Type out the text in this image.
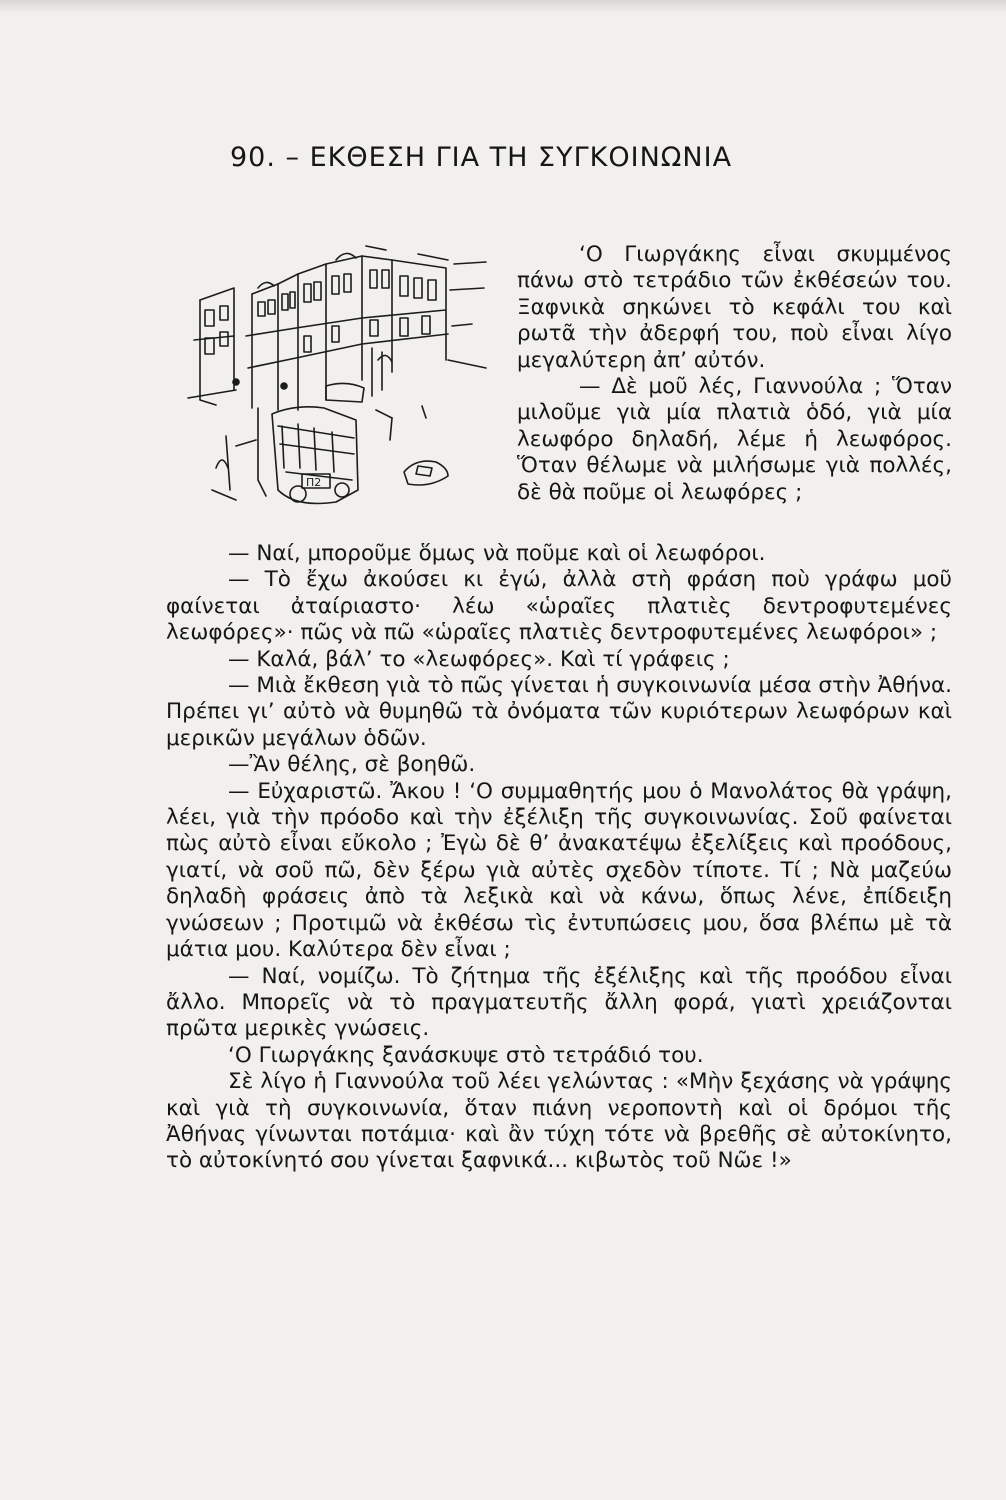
90. – ΕΚΘΕΣΗ ΓΙΑ ΤΗ ΣΥΓΚΟΙΝΩΝΙΑ
Π2

‘Ο Γιωργάκης εἶναι σκυμμένος πάνω στὸ τετράδιο τῶν ἐκθέσεών του. Ξαφνικὰ σηκώνει τὸ κεφάλι του καὶ ρωτᾶ τὴν ἀδερφή του, ποὺ εἶναι λίγο μεγαλύτερη ἀπ’ αὐτόν.

— Δὲ μοῦ λές, Γιαννούλα ; Ὅταν μιλοῦμε γιὰ μία πλατιὰ ὁδό, γιὰ μία λεωφόρο δηλαδή, λέμε ἡ λεωφόρος. Ὅταν θέλωμε νὰ μιλήσωμε γιὰ πολλές, δὲ θὰ ποῦμε οἱ λεωφόρες ;

— Ναί, μποροῦμε ὅμως νὰ ποῦμε καὶ οἱ λεωφόροι.

— Τὸ ἔχω ἀκούσει κι ἐγώ, ἀλλὰ στὴ φράση ποὺ γράφω μοῦ φαίνεται ἀταίριαστο· λέω «ὡραῖες πλατιὲς δεντροφυτεμένες λεωφόρες»· πῶς νὰ πῶ «ὡραῖες πλατιὲς δεντροφυτεμένες λεωφόροι» ;

— Καλά, βάλ’ το «λεωφόρες». Καὶ τί γράφεις ;

— Μιὰ ἔκθεση γιὰ τὸ πῶς γίνεται ἡ συγκοινωνία μέσα στὴν Ἀθήνα. Πρέπει γι’ αὐτὸ νὰ θυμηθῶ τὰ ὀνόματα τῶν κυριότερων λεωφόρων καὶ μερικῶν μεγάλων ὁδῶν.

—Ἂν θέλης, σὲ βοηθῶ.

— Εὐχαριστῶ. Ἄκου ! ‘Ο συμμαθητής μου ὁ Μανολάτος θὰ γράψη, λέει, γιὰ τὴν πρόοδο καὶ τὴν ἐξέλιξη τῆς συγκοινωνίας. Σοῦ φαίνεται πὼς αὐτὸ εἶναι εὔκολο ; Ἐγὼ δὲ θ’ ἀνακατέψω ἐξελίξεις καὶ προόδους, γιατί, νὰ σοῦ πῶ, δὲν ξέρω γιὰ αὐτὲς σχεδὸν τίποτε. Τί ; Νὰ μαζεύω δηλαδὴ φράσεις ἀπὸ τὰ λεξικὰ καὶ νὰ κάνω, ὅπως λένε, ἐπίδειξη γνώσεων ; Προτιμῶ νὰ ἐκθέσω τὶς ἐντυπώσεις μου, ὅσα βλέπω μὲ τὰ μάτια μου. Καλύτερα δὲν εἶναι ;

— Ναί, νομίζω. Τὸ ζήτημα τῆς ἐξέλιξης καὶ τῆς προόδου εἶναι ἄλλο. Μπορεῖς νὰ τὸ πραγματευτῆς ἄλλη φορά, γιατὶ χρειάζονται πρῶτα μερικὲς γνώσεις.

‘Ο Γιωργάκης ξανάσκυψε στὸ τετράδιό του.

Σὲ λίγο ἡ Γιαννούλα τοῦ λέει γελώντας : «Μὴν ξεχάσης νὰ γράψης καὶ γιὰ τὴ συγκοινωνία, ὅταν πιάνη νεροποντὴ καὶ οἱ δρόμοι τῆς Ἀθήνας γίνωνται ποτάμια· καὶ ἂν τύχη τότε νὰ βρεθῆς σὲ αὐτοκίνητο, τὸ αὐτοκίνητό σου γίνεται ξαφνικά... κιβωτὸς τοῦ Νῶε !»
